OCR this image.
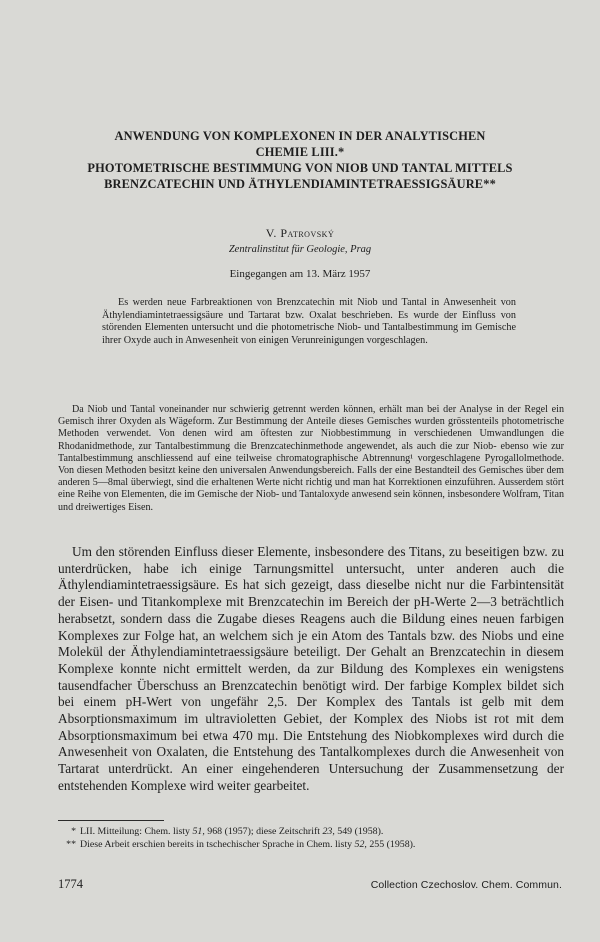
ANWENDUNG VON KOMPLEXONEN IN DER ANALYTISCHEN
CHEMIE LIII.*
PHOTOMETRISCHE BESTIMMUNG VON NIOB UND TANTAL MITTELS
BRENZCATECHIN UND ÄTHYLENDIAMINTETRAESSIGSÄURE**
V. Patrovský
Zentralinstitut für Geologie, Prag
Eingegangen am 13. März 1957
Es werden neue Farbreaktionen von Brenzcatechin mit Niob und Tantal in Anwesenheit von Äthylendiamintetraessigsäure und Tartarat bzw. Oxalat beschrieben. Es wurde der Einfluss von störenden Elementen untersucht und die photometrische Niob- und Tantalbestimmung im Gemische ihrer Oxyde auch in Anwesenheit von einigen Verunreinigungen vorgeschlagen.
Da Niob und Tantal voneinander nur schwierig getrennt werden können, erhält man bei der Analyse in der Regel ein Gemisch ihrer Oxyden als Wägeform. Zur Bestimmung der Anteile dieses Gemisches wurden grösstenteils photometrische Methoden verwendet. Von denen wird am öftesten zur Niobbestimmung in verschiedenen Umwandlungen die Rhodanidmethode, zur Tantalbestimmung die Brenzcatechinmethode angewendet, als auch die zur Niob- ebenso wie zur Tantalbestimmung anschliessend auf eine teilweise chromatographische Abtrennung¹ vorgeschlagene Pyrogallolmethode. Von diesen Methoden besitzt keine den universalen Anwendungsbereich. Falls der eine Bestandteil des Gemisches über dem anderen 5—8mal überwiegt, sind die erhaltenen Werte nicht richtig und man hat Korrektionen einzuführen. Ausserdem stört eine Reihe von Elementen, die im Gemische der Niob- und Tantaloxyde anwesend sein können, insbesondere Wolfram, Titan und dreiwertiges Eisen.
Um den störenden Einfluss dieser Elemente, insbesondere des Titans, zu beseitigen bzw. zu unterdrücken, habe ich einige Tarnungsmittel untersucht, unter anderen auch die Äthylendiamintetraessigsäure. Es hat sich gezeigt, dass dieselbe nicht nur die Farbintensität der Eisen- und Titankomplexe mit Brenzcatechin im Bereich der pH-Werte 2—3 beträchtlich herabsetzt, sondern dass die Zugabe dieses Reagens auch die Bildung eines neuen farbigen Komplexes zur Folge hat, an welchem sich je ein Atom des Tantals bzw. des Niobs und eine Molekül der Äthylendiamintetraessigsäure beteiligt. Der Gehalt an Brenzcatechin in diesem Komplexe konnte nicht ermittelt werden, da zur Bildung des Komplexes ein wenigstens tausendfacher Überschuss an Brenzcatechin benötigt wird. Der farbige Komplex bildet sich bei einem pH-Wert von ungefähr 2,5. Der Komplex des Tantals ist gelb mit dem Absorptionsmaximum im ultravioletten Gebiet, der Komplex des Niobs ist rot mit dem Absorptionsmaximum bei etwa 470 mμ. Die Entstehung des Niobkomplexes wird durch die Anwesenheit von Oxalaten, die Entstehung des Tantalkomplexes durch die Anwesenheit von Tartarat unterdrückt. An einer eingehenderen Untersuchung der Zusammensetzung der entstehenden Komplexe wird weiter gearbeitet.
* LII. Mitteilung: Chem. listy 51, 968 (1957); diese Zeitschrift 23, 549 (1958).
** Diese Arbeit erschien bereits in tschechischer Sprache in Chem. listy 52, 255 (1958).
1774	Collection Czechoslov. Chem. Commun.
